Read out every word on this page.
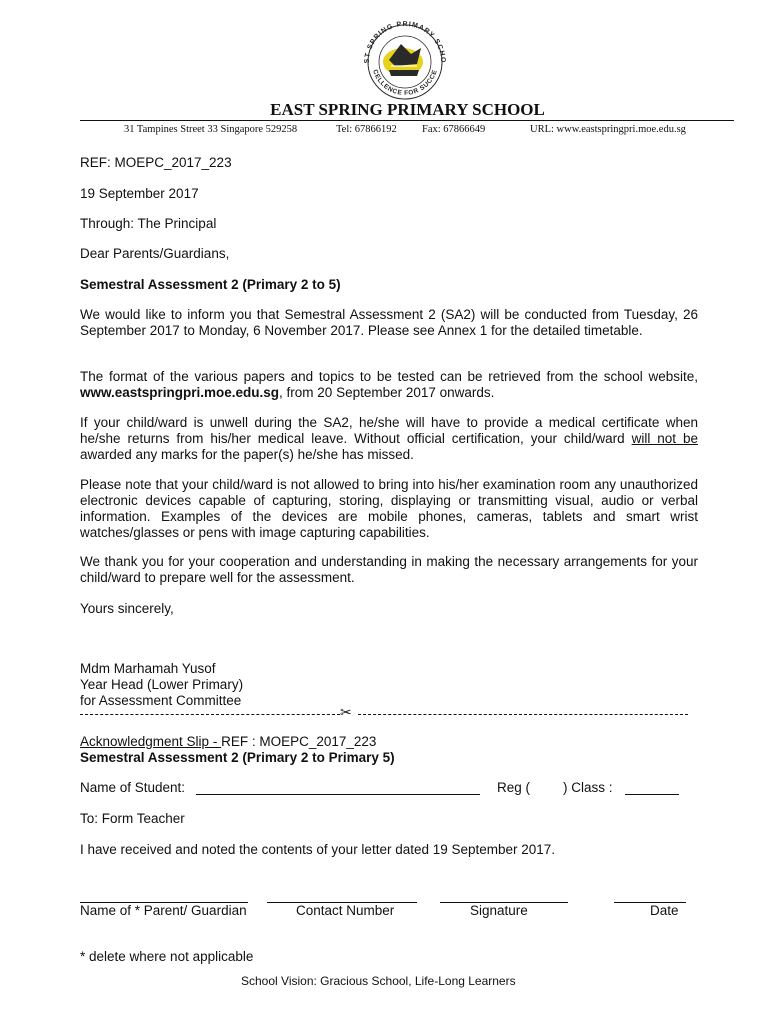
ST SPRING PRIMARY SCHO
CELLENCE FOR SUCCE
EAST SPRING PRIMARY SCHOOL
31 Tampines Street 33 Singapore 529258	Tel: 67866192 Fax: 67866649	URL: www.eastspringpri.moe.edu.sg
REF: MOEPC_2017_223
19 September 2017
Through: The Principal
Dear Parents/Guardians,
Semestral Assessment 2 (Primary 2 to 5)
We would like to inform you that Semestral Assessment 2 (SA2) will be conducted from Tuesday, 26 September 2017 to Monday, 6 November 2017. Please see Annex 1 for the detailed timetable.
The format of the various papers and topics to be tested can be retrieved from the school website, www.eastspringpri.moe.edu.sg, from 20 September 2017 onwards.
If your child/ward is unwell during the SA2, he/she will have to provide a medical certificate when he/she returns from his/her medical leave. Without official certification, your child/ward will not be awarded any marks for the paper(s) he/she has missed.
Please note that your child/ward is not allowed to bring into his/her examination room any unauthorized electronic devices capable of capturing, storing, displaying or transmitting visual, audio or verbal information. Examples of the devices are mobile phones, cameras, tablets and smart wrist watches/glasses or pens with image capturing capabilities.
We thank you for your cooperation and understanding in making the necessary arrangements for your child/ward to prepare well for the assessment.
Yours sincerely,
Mdm Marhamah Yusof
Year Head (Lower Primary)
for Assessment Committee
✂
Acknowledgment Slip - REF : MOEPC_2017_223
Semestral Assessment 2 (Primary 2 to Primary 5)
Name of Student:	Reg ( ) Class :
To: Form Teacher
I have received and noted the contents of your letter dated 19 September 2017.
Name of * Parent/ Guardian	Contact Number	Signature	Date
* delete where not applicable
School Vision: Gracious School, Life-Long Learners
